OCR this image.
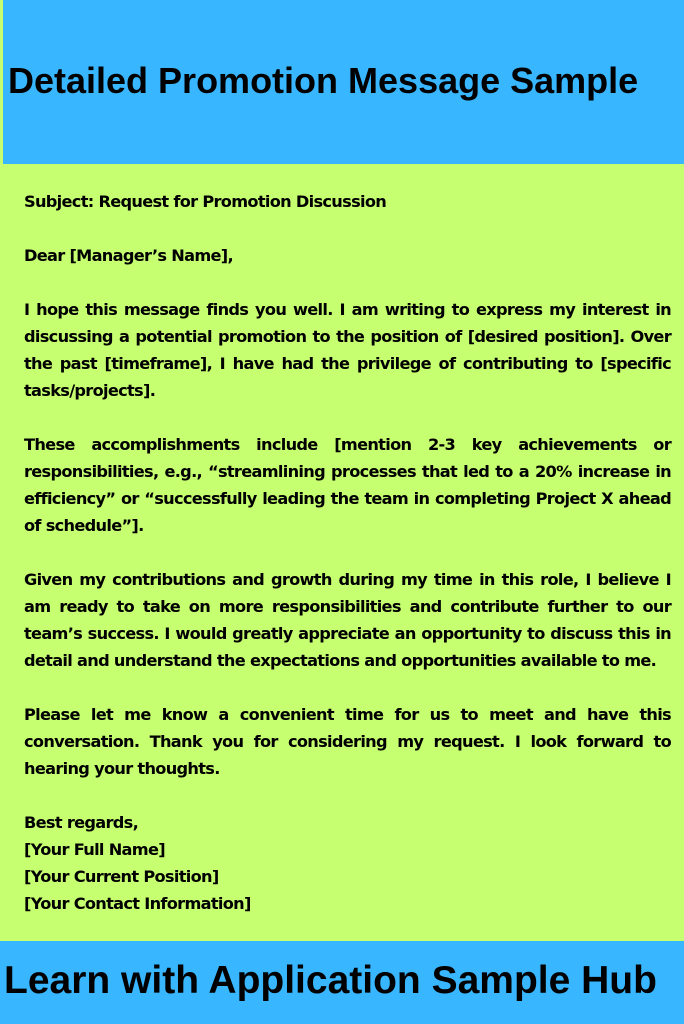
Detailed Promotion Message Sample

Subject: Request for Promotion Discussion

Dear [Manager’s Name],

I hope this message finds you well. I am writing to express my interest in discussing a potential promotion to the position of [desired position]. Over the past [timeframe], I have had the privilege of contributing to [specific tasks/projects].

These accomplishments include [mention 2-3 key achievements or responsibilities, e.g., “streamlining processes that led to a 20% increase in efficiency” or “successfully leading the team in completing Project X ahead of schedule”].

Given my contributions and growth during my time in this role, I believe I am ready to take on more responsibilities and contribute further to our team’s success. I would greatly appreciate an opportunity to discuss this in detail and understand the expectations and opportunities available to me.

Please let me know a convenient time for us to meet and have this conversation. Thank you for considering my request. I look forward to hearing your thoughts.

Best regards,
[Your Full Name]
[Your Current Position]
[Your Contact Information]

Learn with Application Sample Hub
